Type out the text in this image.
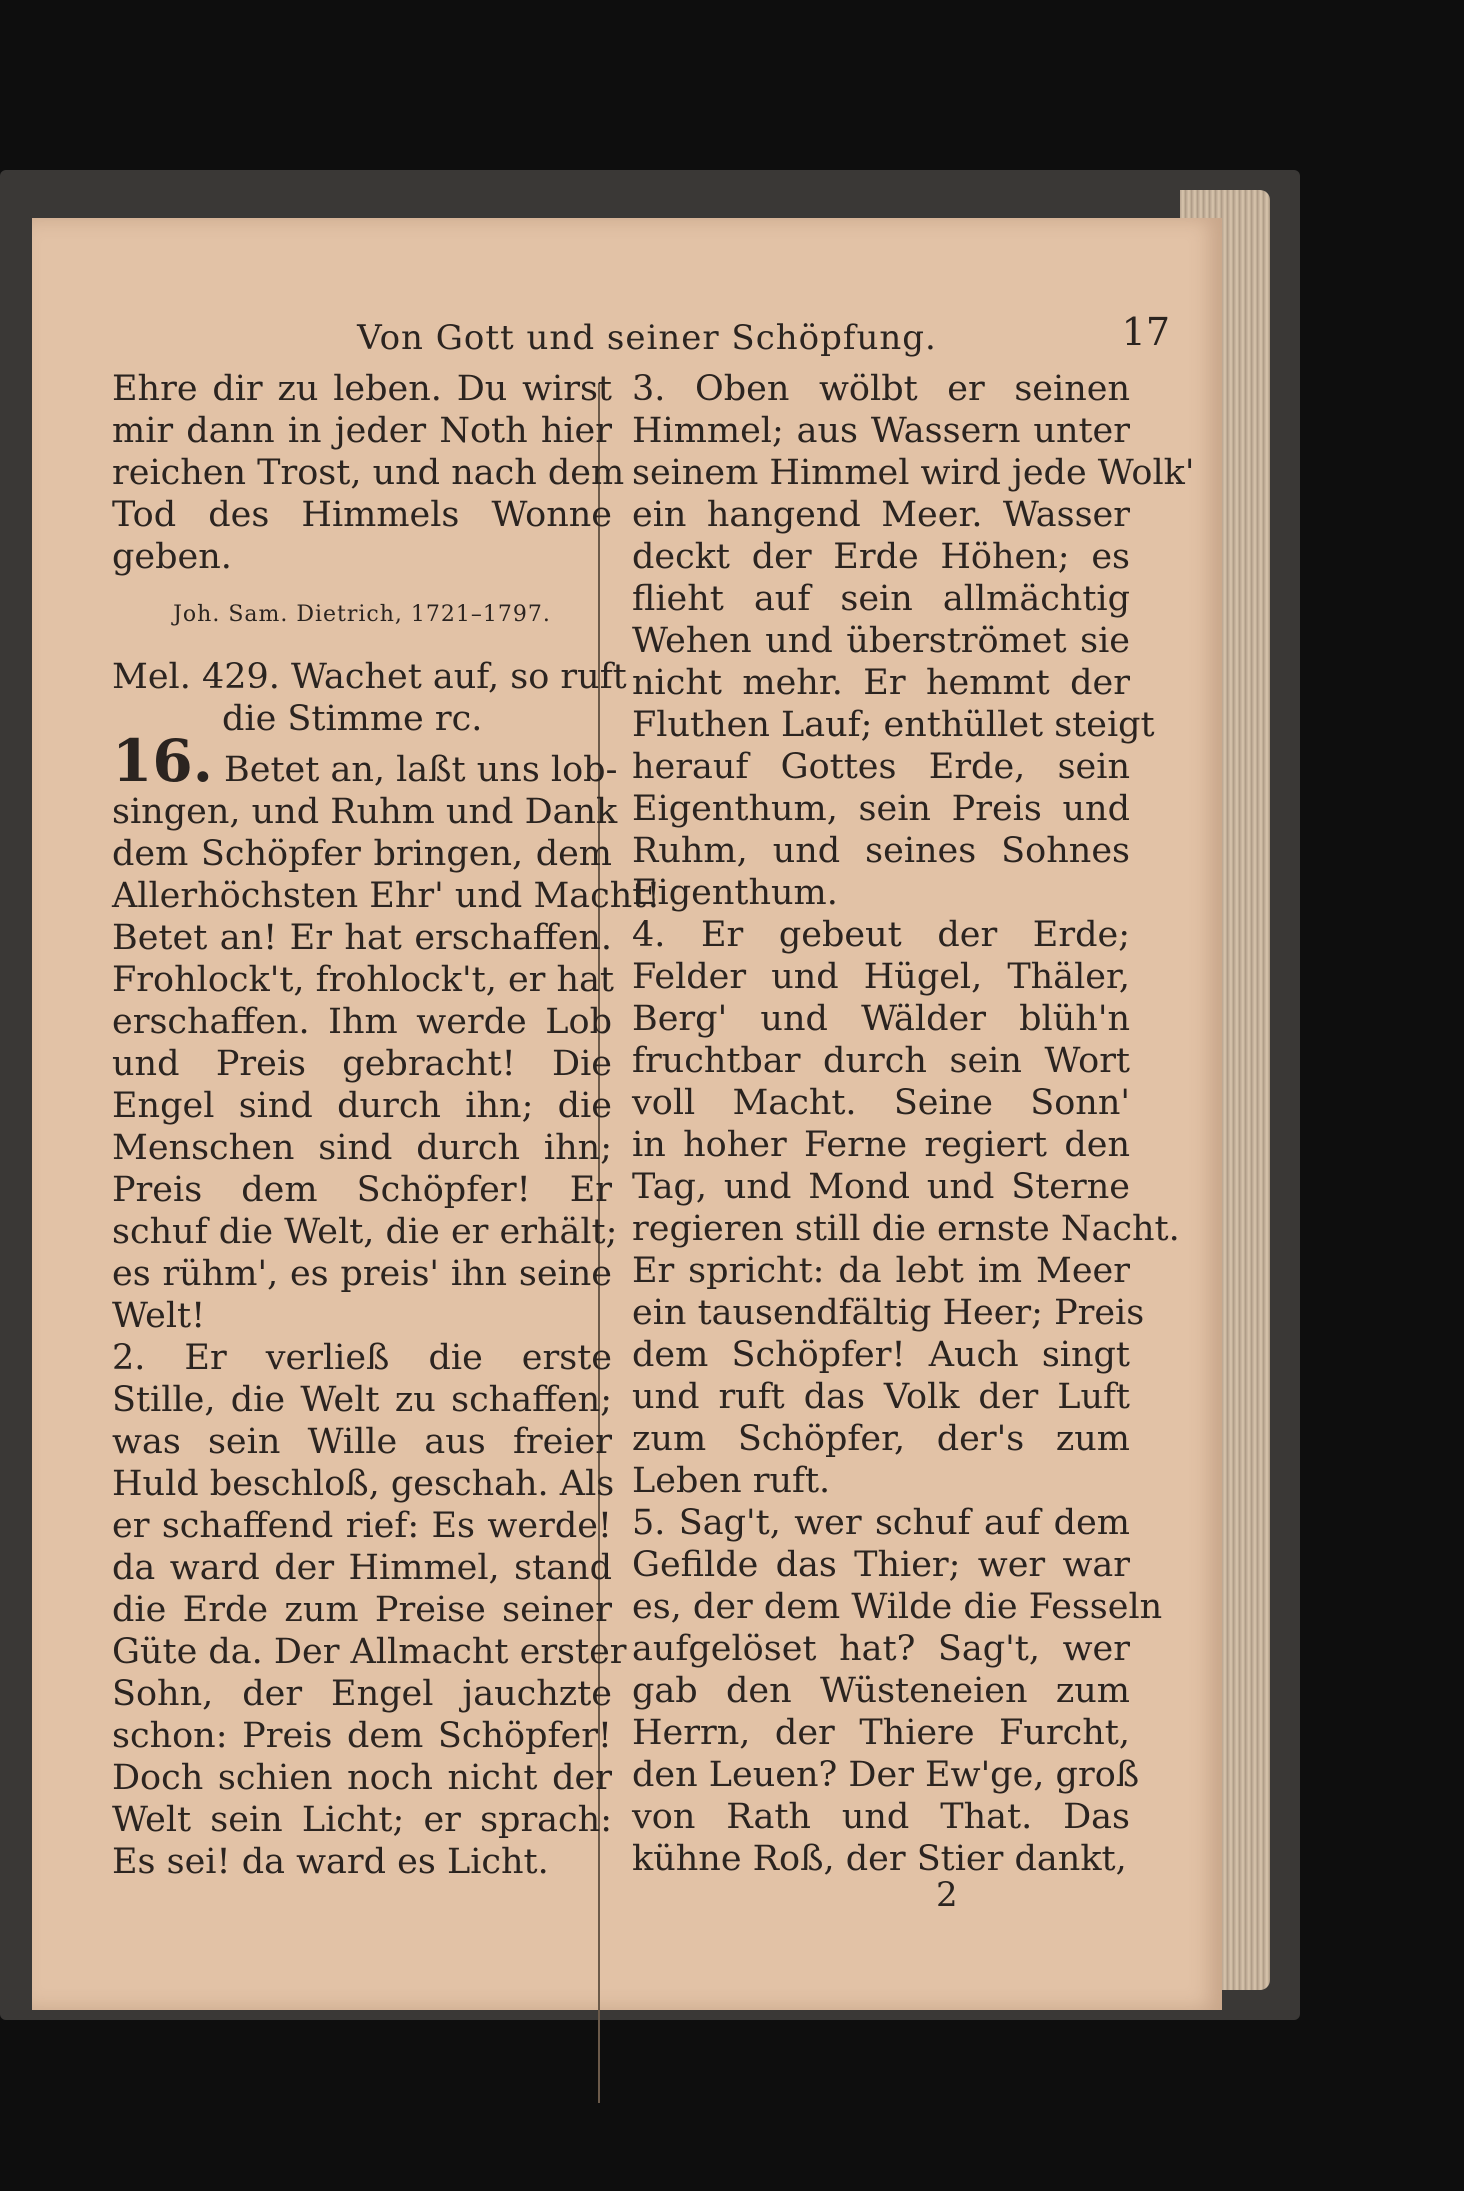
Von Gott und seiner Schöpfung.	17
Ehre dir zu leben. Du wirst
mir dann in jeder Noth hier
reichen Trost, und nach dem
Tod des Himmels Wonne
geben.
Joh. Sam. Dietrich, 1721–1797.
Mel. 429. Wachet auf, so ruft
die Stimme rc.
16. Betet an, laßt uns lob-
singen, und Ruhm und Dank
dem Schöpfer bringen, dem
Allerhöchsten Ehr' und Macht!
Betet an! Er hat erschaffen.
Frohlock't, frohlock't, er hat
erschaffen. Ihm werde Lob
und Preis gebracht! Die
Engel sind durch ihn; die
Menschen sind durch ihn;
Preis dem Schöpfer! Er
schuf die Welt, die er erhält;
es rühm', es preis' ihn seine
Welt!
2. Er verließ die erste
Stille, die Welt zu schaffen;
was sein Wille aus freier
Huld beschloß, geschah. Als
er schaffend rief: Es werde!
da ward der Himmel, stand
die Erde zum Preise seiner
Güte da. Der Allmacht erster
Sohn, der Engel jauchzte
schon: Preis dem Schöpfer!
Doch schien noch nicht der
Welt sein Licht; er sprach:
Es sei! da ward es Licht.
3. Oben wölbt er seinen
Himmel; aus Wassern unter
seinem Himmel wird jede Wolk'
ein hangend Meer. Wasser
deckt der Erde Höhen; es
flieht auf sein allmächtig
Wehen und überströmet sie
nicht mehr. Er hemmt der
Fluthen Lauf; enthüllet steigt
herauf Gottes Erde, sein
Eigenthum, sein Preis und
Ruhm, und seines Sohnes
Eigenthum.
4. Er gebeut der Erde;
Felder und Hügel, Thäler,
Berg' und Wälder blüh'n
fruchtbar durch sein Wort
voll Macht. Seine Sonn'
in hoher Ferne regiert den
Tag, und Mond und Sterne
regieren still die ernste Nacht.
Er spricht: da lebt im Meer
ein tausendfältig Heer; Preis
dem Schöpfer! Auch singt
und ruft das Volk der Luft
zum Schöpfer, der's zum
Leben ruft.
5. Sag't, wer schuf auf dem
Gefilde das Thier; wer war
es, der dem Wilde die Fesseln
aufgelöset hat? Sag't, wer
gab den Wüsteneien zum
Herrn, der Thiere Furcht,
den Leuen? Der Ew'ge, groß
von Rath und That. Das
kühne Roß, der Stier dankt,
2
